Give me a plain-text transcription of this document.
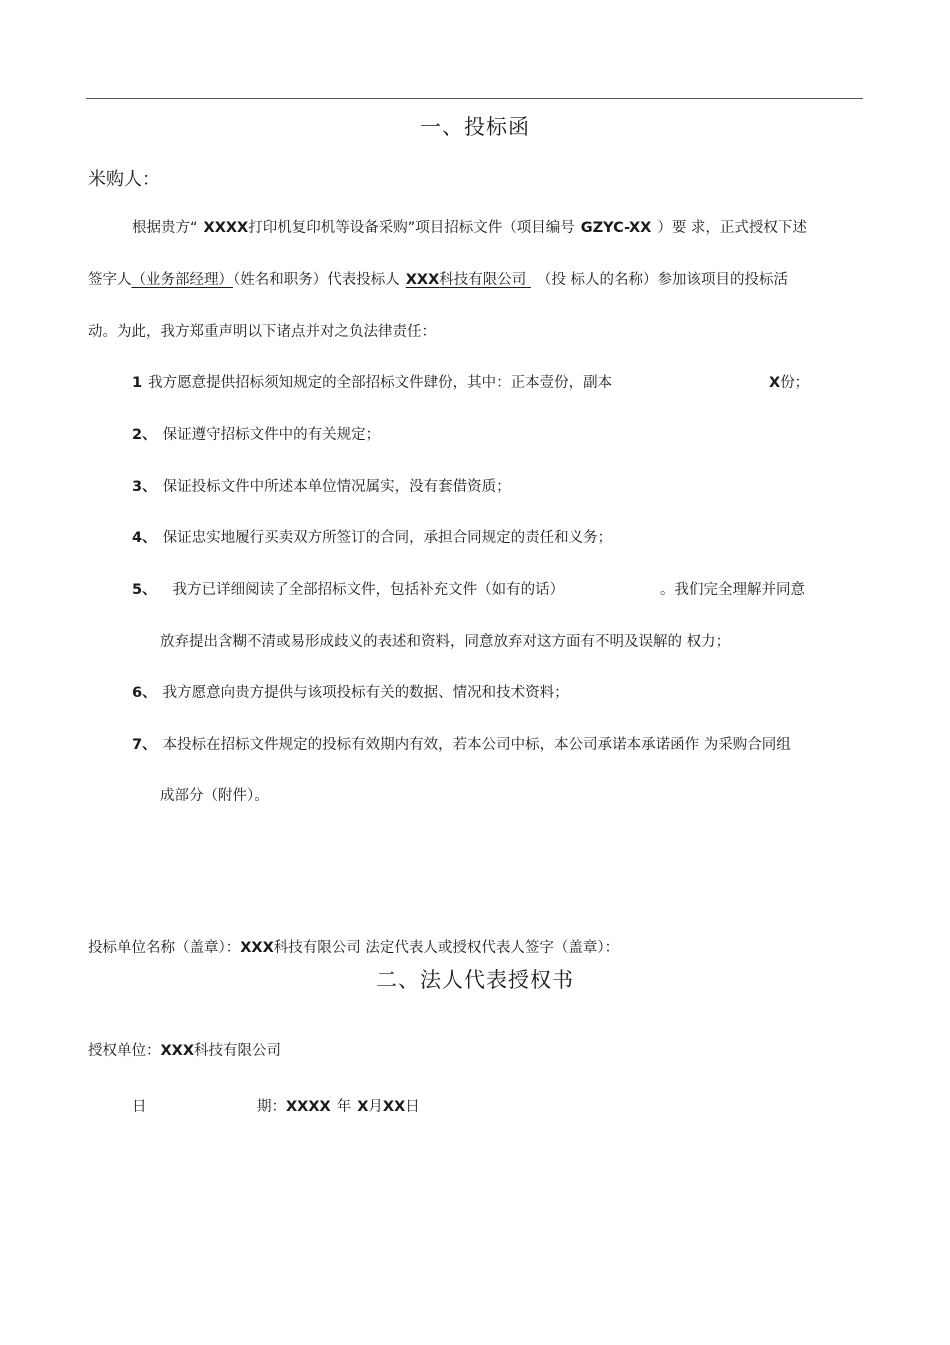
一、投标函
米购人：
根据贵方“ XXXX打印机复印机等设备采购”项目招标文件（项目编号 GZYC-XX ）要 求，正式授权下述
签字人（业务部经理）（姓名和职务）代表投标人 XXX科技有限公司 （投 标人的名称）参加该项目的投标活
动。为此，我方郑重声明以下诸点并对之负法律责任：
1 我方愿意提供招标须知规定的全部招标文件肆份，其中：正本壹份，副本	X份；
2、 保证遵守招标文件中的有关规定；
3、 保证投标文件中所述本单位情况属实，没有套借资质；
4、 保证忠实地履行买卖双方所签订的合同，承担合同规定的责任和义务；
5、 我方已详细阅读了全部招标文件，包括补充文件（如有的话）	。我们完全理解并同意
放弃提出含糊不清或易形成歧义的表述和资料，同意放弃对这方面有不明及误解的 权力；
6、 我方愿意向贵方提供与该项投标有关的数据、情况和技术资料；
7、 本投标在招标文件规定的投标有效期内有效，若本公司中标，本公司承诺本承诺函作 为采购合同组
成部分（附件）。
投标单位名称（盖章）：XXX科技有限公司 法定代表人或授权代表人签字（盖章）：
二、法人代表授权书
授权单位：XXX科技有限公司
日	期：XXXX 年 X月XX日
